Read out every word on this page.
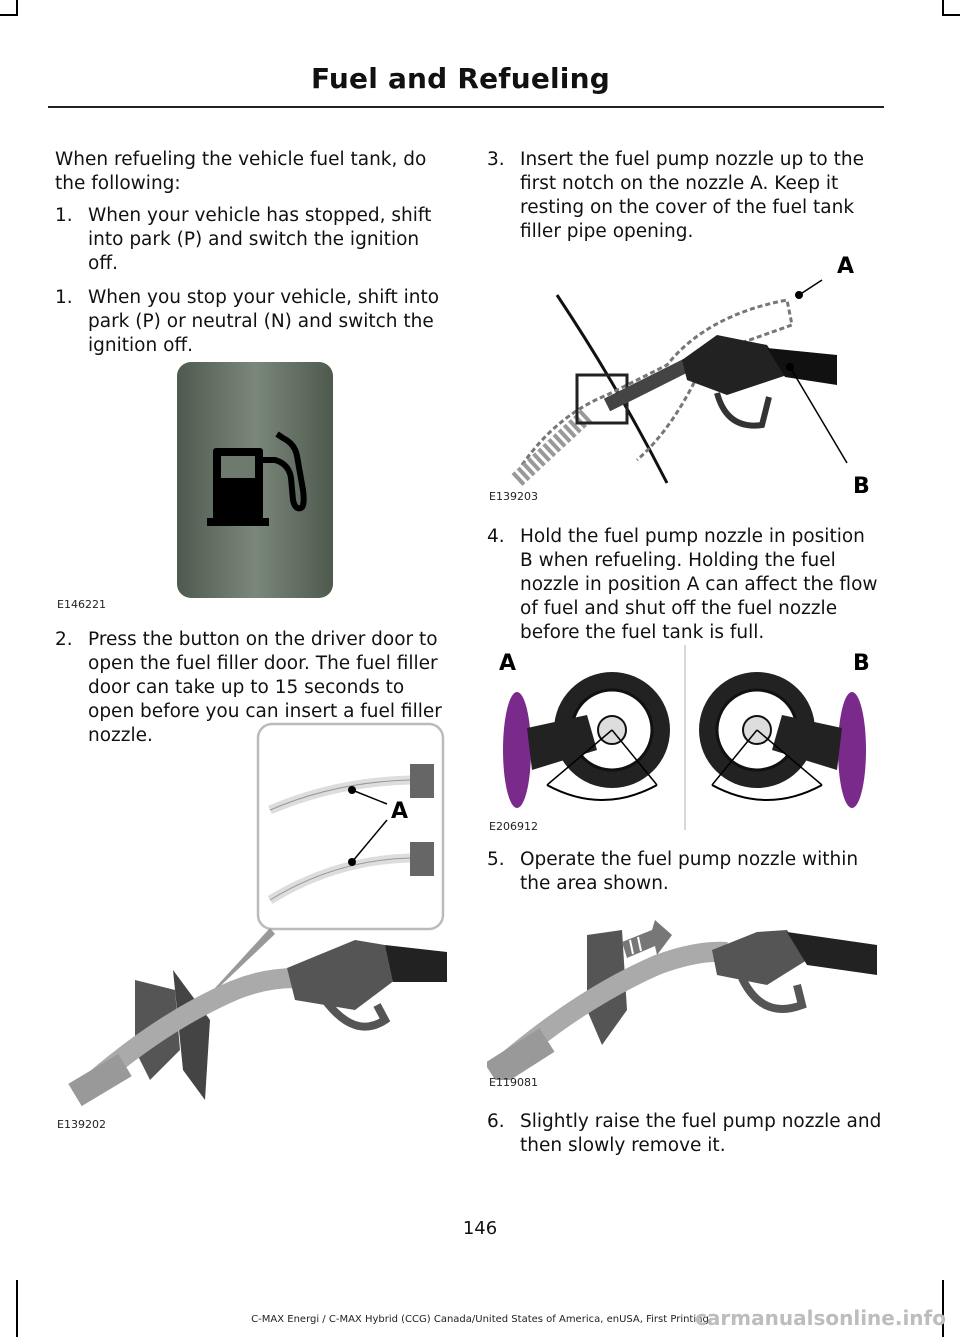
Fuel and Refueling

When refueling the vehicle fuel tank, do the following:

1. When your vehicle has stopped, shift into park (P) and switch the ignition off.
1. When you stop your vehicle, shift into park (P) or neutral (N) and switch the ignition off.
E146221
2. Press the button on the driver door to open the fuel filler door. The fuel filler door can take up to 15 seconds to open before you can insert a fuel filler nozzle.
A
E139202
3. Insert the fuel pump nozzle up to the first notch on the nozzle A. Keep it resting on the cover of the fuel tank filler pipe opening.
A
B
E139203
4. Hold the fuel pump nozzle in position B when refueling. Holding the fuel nozzle in position A can affect the flow of fuel and shut off the fuel nozzle before the fuel tank is full.
A	B
E206912
5. Operate the fuel pump nozzle within the area shown.
E119081
6. Slightly raise the fuel pump nozzle and then slowly remove it.
146
C-MAX Energi / C-MAX Hybrid (CCG) Canada/United States of America, enUSA, First Printing
carmanualsonline.info
